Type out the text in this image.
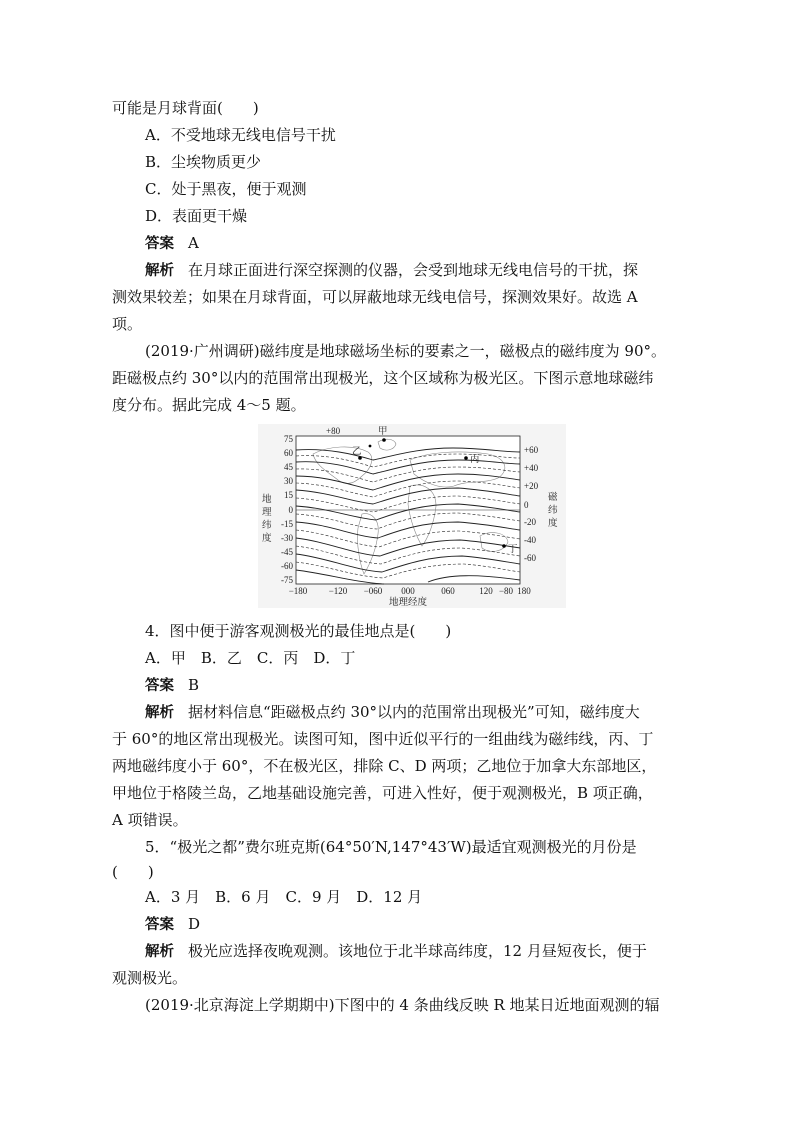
可能是月球背面(　　)
A．不受地球无线电信号干扰
B．尘埃物质更少
C．处于黑夜，便于观测
D．表面更干燥
答案 A
解析 在月球正面进行深空探测的仪器，会受到地球无线电信号的干扰，探
测效果较差；如果在月球背面，可以屏蔽地球无线电信号，探测效果好。故选 A
项。
(2019·广州调研)磁纬度是地球磁场坐标的要素之一，磁极点的磁纬度为 90°。
距磁极点约 30°以内的范围常出现极光，这个区域称为极光区。下图示意地球磁纬
度分布。据此完成 4～5 题。
+80	甲
乙
丙
丁
75
60
45
30
15
0
-15
-30
-45
-60
-75
地
理
纬
度
+60
+40
+20
0
-20
-40
-60
磁
纬
度
−180 −120 −060 000	060	120 −80 180
地理经度
4．图中便于游客观测极光的最佳地点是(　　)
A．甲　B．乙　C．丙　D．丁
答案 B
解析 据材料信息“距磁极点约 30°以内的范围常出现极光”可知，磁纬度大
于 60°的地区常出现极光。读图可知，图中近似平行的一组曲线为磁纬线，丙、丁
两地磁纬度小于 60°，不在极光区，排除 C、D 两项；乙地位于加拿大东部地区，
甲地位于格陵兰岛，乙地基础设施完善，可进入性好，便于观测极光，B 项正确，
A 项错误。
5．“极光之都”费尔班克斯(64°50′N,147°43′W)最适宜观测极光的月份是
(　　)
A．3 月　B．6 月　C．9 月　D．12 月
答案 D
解析 极光应选择夜晚观测。该地位于北半球高纬度，12 月昼短夜长，便于
观测极光。
(2019·北京海淀上学期期中)下图中的 4 条曲线反映 R 地某日近地面观测的辐
